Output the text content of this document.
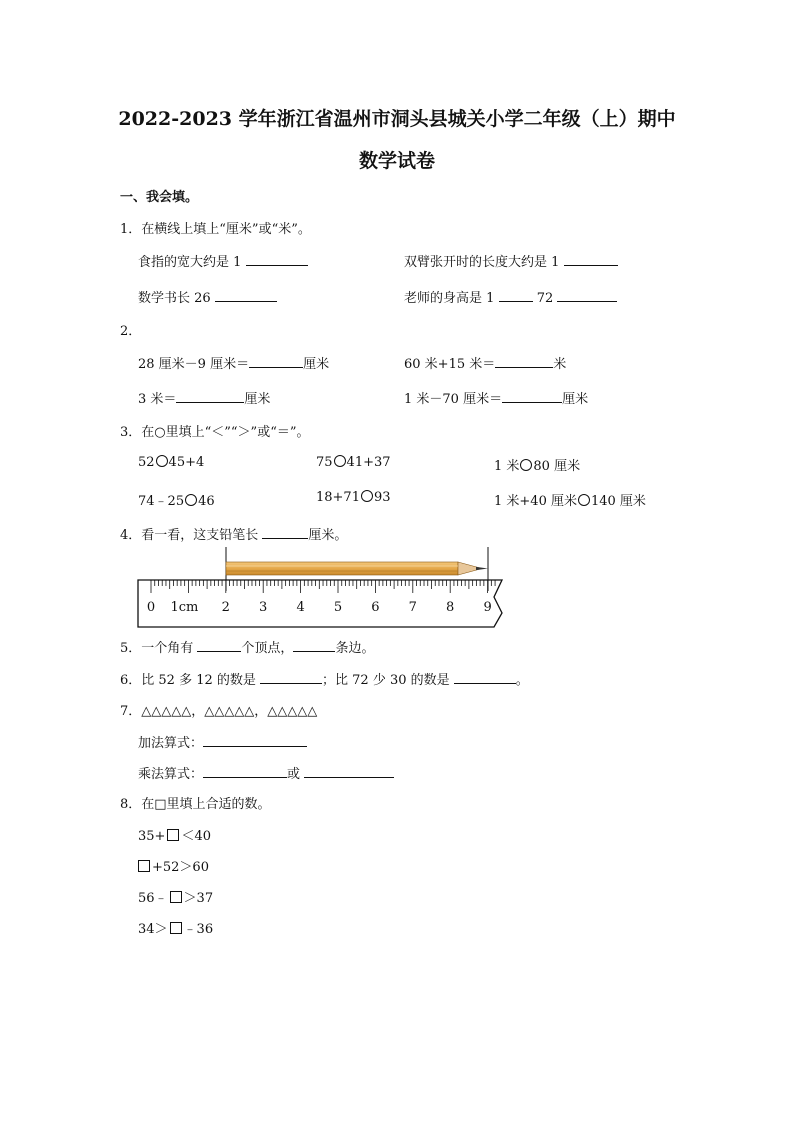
2022-2023 学年浙江省温州市洞头县城关小学二年级（上）期中
数学试卷
一、我会填。
1．在横线上填上“厘米”或“米”。
食指的宽大约是 1	双臂张开时的长度大约是 1
数学书长 26	老师的身高是 1	72
2．
28 厘米－9 厘米＝	厘米	60 米+15 米＝	米
3 米＝	厘米	1 米－70 厘米＝	厘米
3．在○里填上“＜”“＞”或“＝”。
52 45+4	75 41+37	1 米 80 厘米
74﹣25 46	18+71 93	1 米+40 厘米 140 厘米
4．看一看，这支铅笔长	厘米。
0 1cm 2 3 4 5 6 7 8 9
5．一个角有	个顶点，	条边。
6．比 52 多 12 的数是	；比 72 少 30 的数是	。
7．△△△△△，△△△△△，△△△△△
加法算式：
乘法算式：	或
8．在□里填上合适的数。
35+ ＜40
+52＞60
56﹣ ＞37
34＞ ﹣36
